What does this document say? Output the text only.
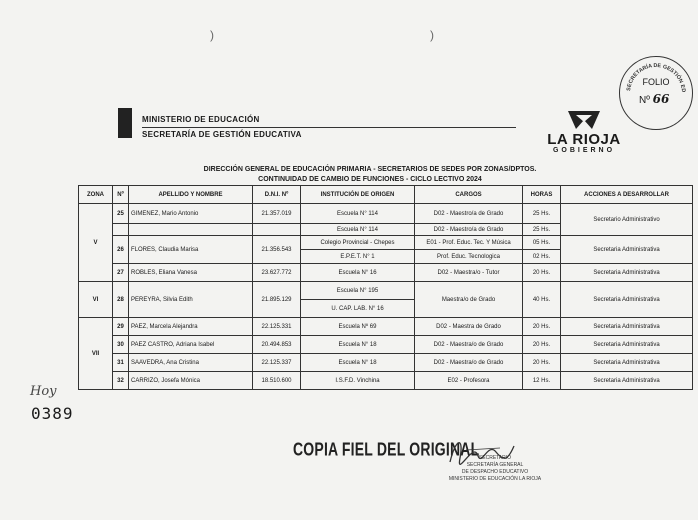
)	)
MINISTERIO DE EDUCACIÓN
SECRETARÍA DE GESTIÓN EDUCATIVA	LA RIOJA
GOBIERNO
SECRETARÍA DE GESTIÓN ED
FOLIO
Nº 66
DIRECCIÓN GENERAL DE EDUCACIÓN PRIMARIA - SECRETARIOS DE SEDES POR ZONAS/DPTOS.
CONTINUIDAD DE CAMBIO DE FUNCIONES - CICLO LECTIVO 2024
ZONA	Nº	APELLIDO Y NOMBRE	D.N.I. Nº	INSTITUCIÓN DE ORIGEN	CARGOS	HORAS	ACCIONES A DESARROLLAR
V	25	GIMENEZ, Mario Antonio	21.357.019	Escuela N° 114	D02 - Maestro/a de Grado	25 Hs.	Secretario Administrativo
				Escuela N° 114	D02 - Maestro/a de Grado	25 Hs.	
	26	FLORES, Claudia Marisa	21.356.543	Colegio Provincial - Chepes	E01 - Prof. Educ. Tec. Y Música	05 Hs.	Secretaria Administrativa
				E.P.E.T. N° 1	Prof. Educ. Tecnologica	02 Hs.	
	27	ROBLES, Eliana Vanesa	23.627.772	Escuela N° 16	D02 - Maestra/o - Tutor	20 Hs.	Secretaria Administrativa
VI	28	PEREYRA, Silvia Edith	21.895.129	Escuela N° 195	Maestra/o de Grado	40 Hs.	Secretaria Administrativa
				U. CAP. LAB. N° 16			
VII	29	PAEZ, Marcela Alejandra	22.125.331	Escuela Nº 69	D02 - Maestra de Grado	20 Hs.	Secretaria Administrativa
	30	PAEZ CASTRO, Adriana Isabel	20.494.853	Escuela N° 18	D02 - Maestra/o de Grado	20 Hs.	Secretaria Administrativa
	31	SAAVEDRA, Ana Cristina	22.125.337	Escuela N° 18	D02 - Maestra/o de Grado	20 Hs.	Secretaria Administrativa
	32	CARRIZO, Josefa Mónica	18.510.600	I.S.F.D. Vinchina	E02 - Profesora	12 Hs.	Secretaria Administrativa
Hoy
0389
COPIA FIEL DEL ORIGINAL SECRETARIO
SECRETARÍA GENERAL
DE DESPACHO EDUCATIVO
MINISTERIO DE EDUCACIÓN LA RIOJA
